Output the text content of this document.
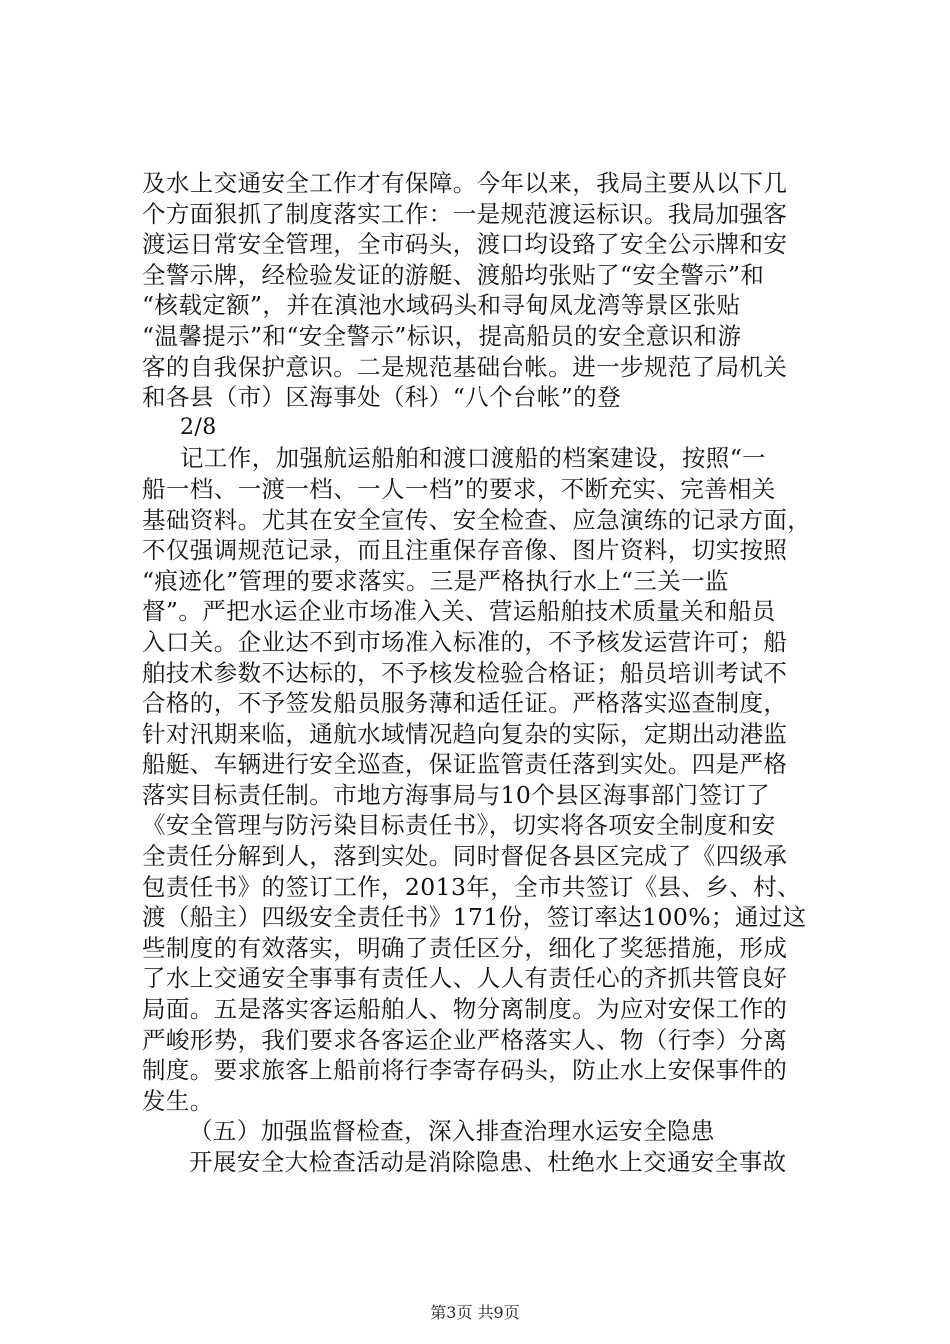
及水上交通安全工作才有保障。今年以来，我局主要从以下几
个方面狠抓了制度落实工作：一是规范渡运标识。我局加强客
渡运日常安全管理，全市码头，渡口均设臵了安全公示牌和安
全警示牌，经检验发证的游艇、渡船均张贴了“安全警示”和
“核载定额”，并在滇池水域码头和寻甸凤龙湾等景区张贴
“温馨提示”和“安全警示”标识，提高船员的安全意识和游
客的自我保护意识。二是规范基础台帐。进一步规范了局机关
和各县（市）区海事处（科）“八个台帐”的登
2/8
记工作，加强航运船舶和渡口渡船的档案建设，按照“一
船一档、一渡一档、一人一档”的要求，不断充实、完善相关
基础资料。尤其在安全宣传、安全检查、应急演练的记录方面，
不仅强调规范记录，而且注重保存音像、图片资料，切实按照
“痕迹化”管理的要求落实。三是严格执行水上“三关一监
督”。严把水运企业市场准入关、营运船舶技术质量关和船员
入口关。企业达不到市场准入标准的，不予核发运营许可；船
舶技术参数不达标的，不予核发检验合格证；船员培训考试不
合格的，不予签发船员服务薄和适任证。严格落实巡查制度，
针对汛期来临，通航水域情况趋向复杂的实际，定期出动港监
船艇、车辆进行安全巡查，保证监管责任落到实处。四是严格
落实目标责任制。市地方海事局与10个县区海事部门签订了
《安全管理与防污染目标责任书》，切实将各项安全制度和安
全责任分解到人，落到实处。同时督促各县区完成了《四级承
包责任书》的签订工作，2013年，全市共签订《县、乡、村、
渡（船主）四级安全责任书》171份，签订率达100%；通过这
些制度的有效落实，明确了责任区分，细化了奖惩措施，形成
了水上交通安全事事有责任人、人人有责任心的齐抓共管良好
局面。五是落实客运船舶人、物分离制度。为应对安保工作的
严峻形势，我们要求各客运企业严格落实人、物（行李）分离
制度。要求旅客上船前将行李寄存码头，防止水上安保事件的
发生。
（五）加强监督检查，深入排查治理水运安全隐患
开展安全大检查活动是消除隐患、杜绝水上交通安全事故
第3页 共9页
